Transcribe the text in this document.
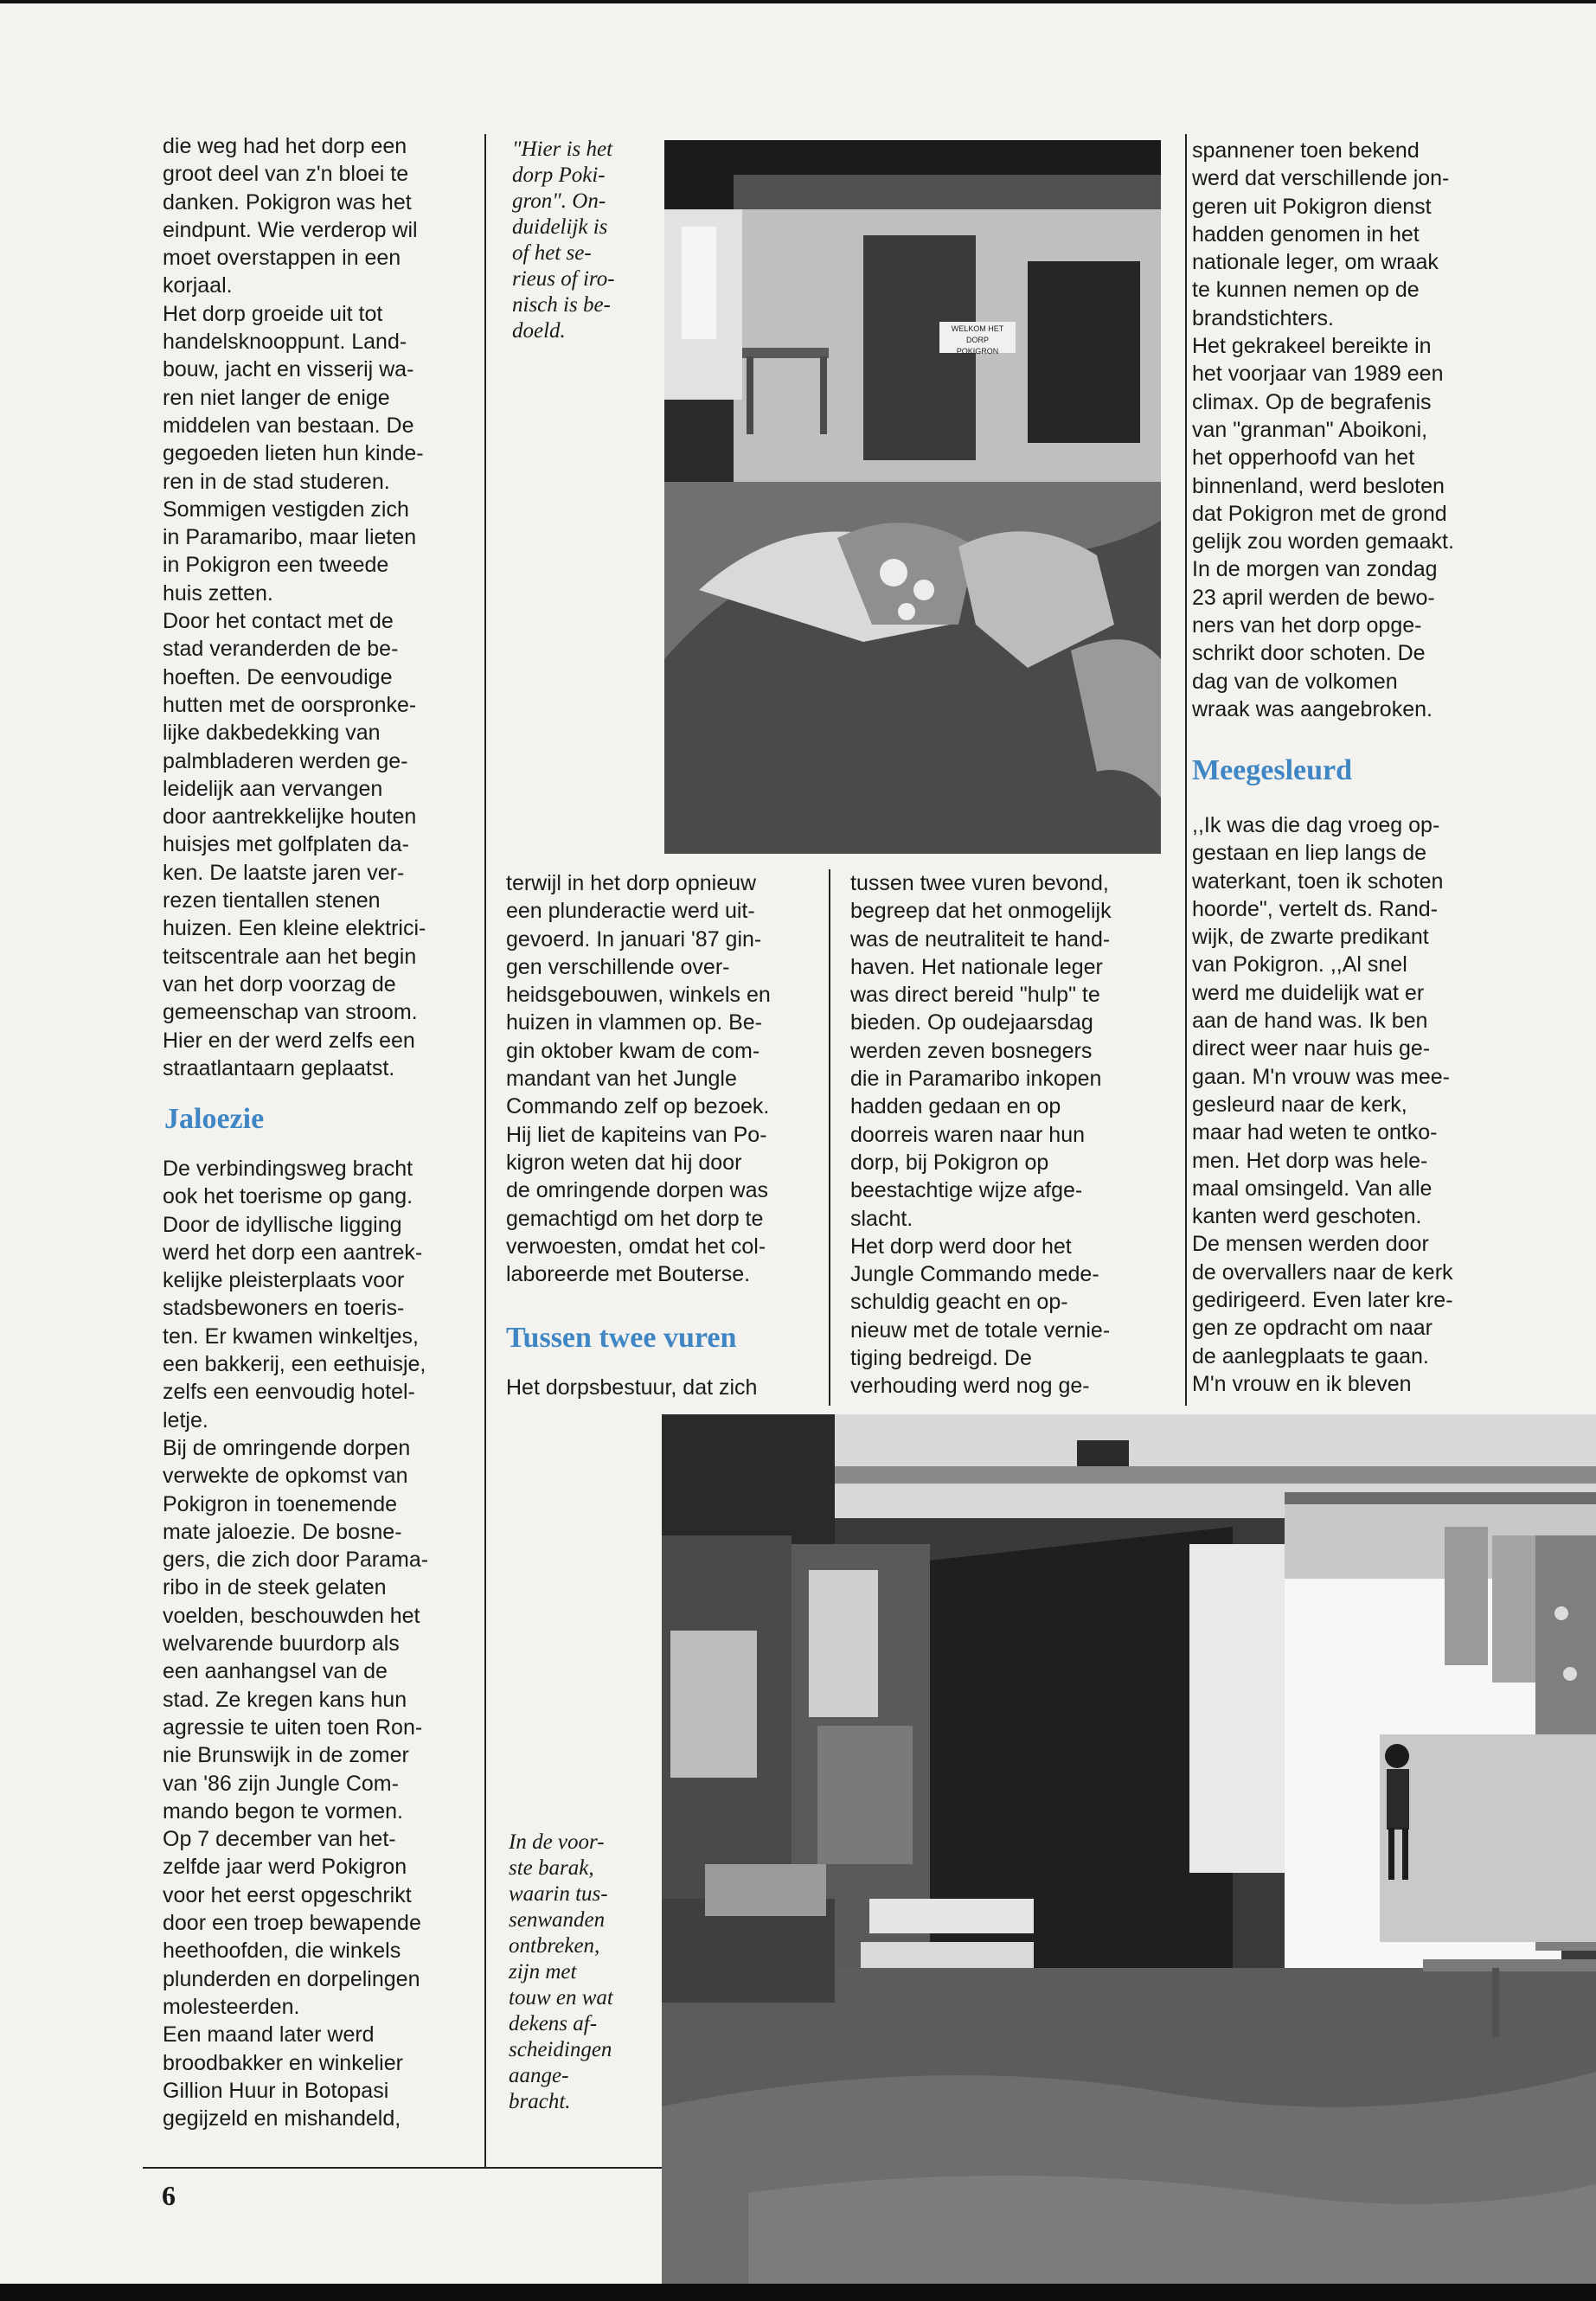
die weg had het dorp een
groot deel van z'n bloei te
danken. Pokigron was het
eindpunt. Wie verderop wil
moet overstappen in een
korjaal.
Het dorp groeide uit tot
handelsknooppunt. Land-
bouw, jacht en visserij wa-
ren niet langer de enige
middelen van bestaan. De
gegoeden lieten hun kinde-
ren in de stad studeren.
Sommigen vestigden zich
in Paramaribo, maar lieten
in Pokigron een tweede
huis zetten.
Door het contact met de
stad veranderden de be-
hoeften. De eenvoudige
hutten met de oorspronke-
lijke dakbedekking van
palmbladeren werden ge-
leidelijk aan vervangen
door aantrekkelijke houten
huisjes met golfplaten da-
ken. De laatste jaren ver-
rezen tientallen stenen
huizen. Een kleine elektrici-
teitscentrale aan het begin
van het dorp voorzag de
gemeenschap van stroom.
Hier en der werd zelfs een
straatlantaarn geplaatst.

Jaloezie

De verbindingsweg bracht
ook het toerisme op gang.
Door de idyllische ligging
werd het dorp een aantrek-
kelijke pleisterplaats voor
stadsbewoners en toeris-
ten. Er kwamen winkeltjes,
een bakkerij, een eethuisje,
zelfs een eenvoudig hotel-
letje.
Bij de omringende dorpen
verwekte de opkomst van
Pokigron in toenemende
mate jaloezie. De bosne-
gers, die zich door Parama-
ribo in de steek gelaten
voelden, beschouwden het
welvarende buurdorp als
een aanhangsel van de
stad. Ze kregen kans hun
agressie te uiten toen Ron-
nie Brunswijk in de zomer
van '86 zijn Jungle Com-
mando begon te vormen.
Op 7 december van het-
zelfde jaar werd Pokigron
voor het eerst opgeschrikt
door een troep bewapende
heethoofden, die winkels
plunderden en dorpelingen
molesteerden.
Een maand later werd
broodbakker en winkelier
Gillion Huur in Botopasi
gegijzeld en mishandeld,

"Hier is het
dorp Poki-
gron". On-
duidelijk is
of het se-
rieus of iro-
nisch is be-
doeld.	WELKOM HET DORP
POKIGRON

terwijl in het dorp opnieuw
een plunderactie werd uit-
gevoerd. In januari '87 gin-
gen verschillende over-
heidsgebouwen, winkels en
huizen in vlammen op. Be-
gin oktober kwam de com-
mandant van het Jungle
Commando zelf op bezoek.
Hij liet de kapiteins van Po-
kigron weten dat hij door
de omringende dorpen was
gemachtigd om het dorp te
verwoesten, omdat het col-
laboreerde met Bouterse.

Tussen twee vuren

Het dorpsbestuur, dat zich

tussen twee vuren bevond,
begreep dat het onmogelijk
was de neutraliteit te hand-
haven. Het nationale leger
was direct bereid "hulp" te
bieden. Op oudejaarsdag
werden zeven bosnegers
die in Paramaribo inkopen
hadden gedaan en op
doorreis waren naar hun
dorp, bij Pokigron op
beestachtige wijze afge-
slacht.
Het dorp werd door het
Jungle Commando mede-
schuldig geacht en op-
nieuw met de totale vernie-
tiging bedreigd. De
verhouding werd nog ge-

spannener toen bekend
werd dat verschillende jon-
geren uit Pokigron dienst
hadden genomen in het
nationale leger, om wraak
te kunnen nemen op de
brandstichters.
Het gekrakeel bereikte in
het voorjaar van 1989 een
climax. Op de begrafenis
van "granman" Aboikoni,
het opperhoofd van het
binnenland, werd besloten
dat Pokigron met de grond
gelijk zou worden gemaakt.
In de morgen van zondag
23 april werden de bewo-
ners van het dorp opge-
schrikt door schoten. De
dag van de volkomen
wraak was aangebroken.

Meegesleurd

,,Ik was die dag vroeg op-
gestaan en liep langs de
waterkant, toen ik schoten
hoorde", vertelt ds. Rand-
wijk, de zwarte predikant
van Pokigron. ,,Al snel
werd me duidelijk wat er
aan de hand was. Ik ben
direct weer naar huis ge-
gaan. M'n vrouw was mee-
gesleurd naar de kerk,
maar had weten te ontko-
men. Het dorp was hele-
maal omsingeld. Van alle
kanten werd geschoten.
De mensen werden door
de overvallers naar de kerk
gedirigeerd. Even later kre-
gen ze opdracht om naar
de aanlegplaats te gaan.
M'n vrouw en ik bleven

In de voor-
ste barak,
waarin tus-
senwanden
ontbreken,
zijn met
touw en wat
dekens af-
scheidingen
aange-
bracht.

6
